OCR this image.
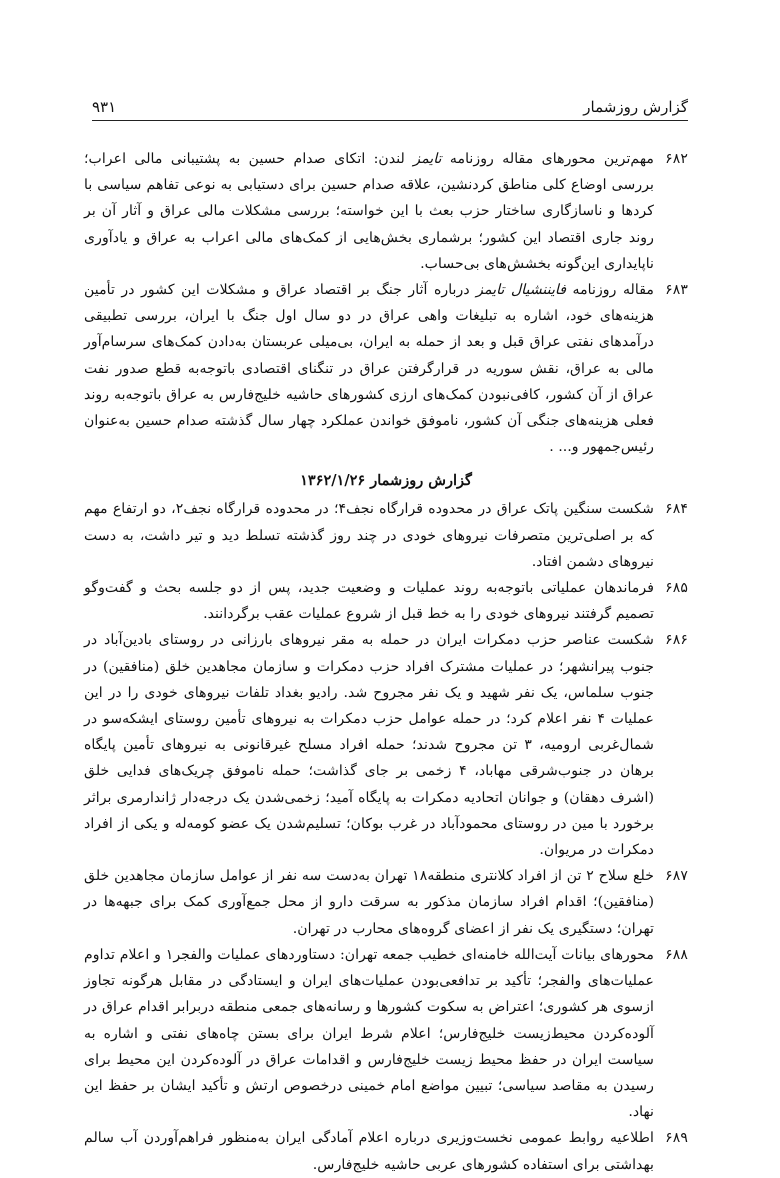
گزارش روزشمار
۹۳۱
۶۸۲
مهم‌ترین محورهای مقاله روزنامه تایمز لندن: اتکای صدام حسین به پشتیبانی مالی اعراب؛ بررسی اوضاع کلی مناطق کردنشین، علاقه صدام حسین برای دستیابی به نوعی تفاهم سیاسی با کردها و ناسازگاری ساختار حزب بعث با این خواسته؛ بررسی مشکلات مالی عراق و آثار آن بر روند جاری اقتصاد این کشور؛ برشماری بخش‌هایی از کمک‌های مالی اعراب به عراق و یادآوری ناپایداری این‌گونه بخشش‌های بی‌حساب.
۶۸۳
مقاله روزنامه فایننشیال تایمز درباره آثار جنگ بر اقتصاد عراق و مشکلات این کشور در تأمین هزینه‌های خود، اشاره به تبلیغات واهی عراق در دو سال اول جنگ با ایران، بررسی تطبیقی درآمدهای نفتی عراق قبل و بعد از حمله به ایران، بی‌میلی عربستان به‌دادن کمک‌های سرسام‌آور مالی به عراق، نقش سوریه در قرارگرفتن عراق در تنگنای اقتصادی باتوجه‌به قطع صدور نفت عراق از آن کشور، کافی‌نبودن کمک‌های ارزی کشورهای حاشیه خلیج‌فارس به عراق باتوجه‌به روند فعلی هزینه‌های جنگی آن کشور، ناموفق خواندن عملکرد چهار سال گذشته صدام حسین به‌عنوان رئیس‌جمهور و... .
گزارش روزشمار ۱۳۶۲/۱/۲۶
۶۸۴
شکست سنگین پاتک عراق در محدوده قرارگاه نجف۴؛ در محدوده قرارگاه نجف۲، دو ارتفاع مهم که بر اصلی‌ترین متصرفات نیروهای خودی در چند روز گذشته تسلط دید و تیر داشت، به دست نیروهای دشمن افتاد.
۶۸۵
فرماندهان عملیاتی باتوجه‌به روند عملیات و وضعیت جدید، پس از دو جلسه بحث و گفت‌وگو تصمیم گرفتند نیروهای خودی را به خط قبل از شروع عملیات عقب برگردانند.
۶۸۶
شکست عناصر حزب دمکرات ایران در حمله به مقر نیروهای بارزانی در روستای بادین‌آباد در جنوب پیرانشهر؛ در عملیات مشترک افراد حزب دمکرات و سازمان مجاهدین خلق (منافقین) در جنوب سلماس، یک نفر شهید و یک نفر مجروح شد. رادیو بغداد تلفات نیروهای خودی را در این عملیات ۴ نفر اعلام کرد؛ در حمله عوامل حزب دمکرات به نیروهای تأمین روستای ایشکه‌سو در شمال‌غربی ارومیه، ۳ تن مجروح شدند؛ حمله افراد مسلح غیرقانونی به نیروهای تأمین پایگاه برهان در جنوب‌شرقی مهاباد، ۴ زخمی بر جای گذاشت؛ حمله ناموفق چریک‌های فدایی خلق (اشرف دهقان) و جوانان اتحادیه دمکرات به پایگاه آمید؛ زخمی‌شدن یک درجه‌دار ژاندارمری براثر برخورد با مین در روستای محمودآباد در غرب بوکان؛ تسلیم‌شدن یک عضو کومه‌له و یکی از افراد دمکرات در مریوان.
۶۸۷
خلع سلاح ۲ تن از افراد کلانتری منطقه۱۸ تهران به‌دست سه نفر از عوامل سازمان مجاهدین خلق (منافقین)؛ اقدام افراد سازمان مذکور به سرقت دارو از محل جمع‌آوری کمک برای جبهه‌ها در تهران؛ دستگیری یک نفر از اعضای گروه‌های محارب در تهران.
۶۸۸
محورهای بیانات آیت‌الله خامنه‌ای خطیب جمعه تهران: دستاوردهای عملیات والفجر۱ و اعلام تداوم عملیات‌های والفجر؛ تأکید بر تدافعی‌بودن عملیات‌های ایران و ایستادگی در مقابل هرگونه تجاوز ازسوی هر کشوری؛ اعتراض به سکوت کشورها و رسانه‌های جمعی منطقه دربرابر اقدام عراق در آلوده‌کردن محیط‌زیست خلیج‌فارس؛ اعلام شرط ایران برای بستن چاه‌های نفتی و اشاره به سیاست ایران در حفظ محیط زیست خلیج‌فارس و اقدامات عراق در آلوده‌کردن این محیط برای رسیدن به مقاصد سیاسی؛ تبیین مواضع امام خمینی درخصوص ارتش و تأکید ایشان بر حفظ این نهاد.
۶۸۹
اطلاعیه روابط عمومی نخست‌وزیری درباره اعلام آمادگی ایران به‌منظور فراهم‌آوردن آب سالم بهداشتی برای استفاده کشورهای عربی حاشیه خلیج‌فارس.
